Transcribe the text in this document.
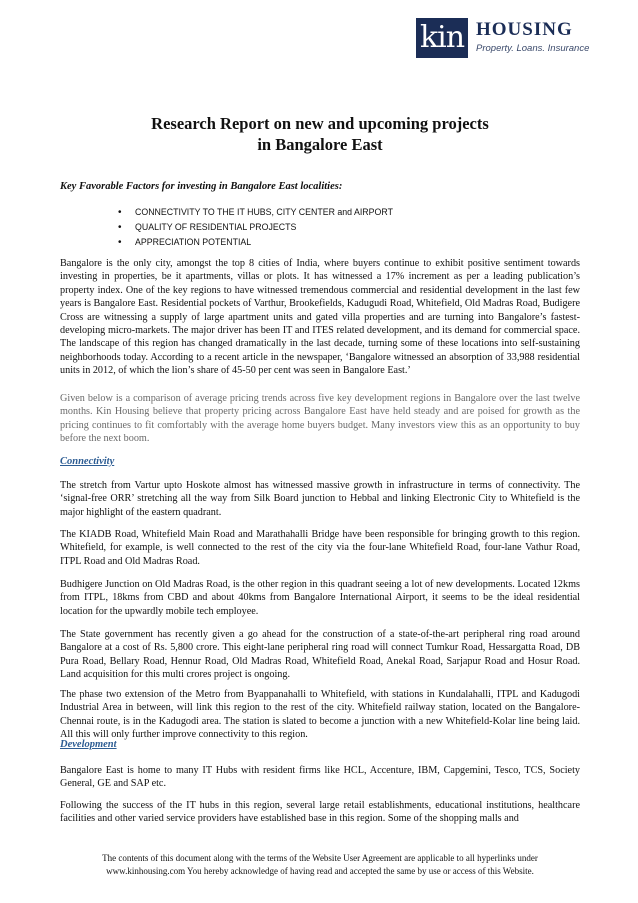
kin HOUSING
Property. Loans. Insurance
Research Report on new and upcoming projects
in Bangalore East
Key Favorable Factors for investing in Bangalore East localities:
• CONNECTIVITY TO THE IT HUBS, CITY CENTER and AIRPORT
• QUALITY OF RESIDENTIAL PROJECTS
• APPRECIATION POTENTIAL
Bangalore is the only city, amongst the top 8 cities of India, where buyers continue to exhibit positive sentiment towards investing in properties, be it apartments, villas or plots. It has witnessed a 17% increment as per a leading publication’s property index. One of the key regions to have witnessed tremendous commercial and residential development in the last few years is Bangalore East. Residential pockets of Varthur, Brookefields, Kadugudi Road, Whitefield, Old Madras Road, Budigere Cross are witnessing a supply of large apartment units and gated villa properties and are turning into Bangalore’s fastest-developing micro-markets. The major driver has been IT and ITES related development, and its demand for commercial space. The landscape of this region has changed dramatically in the last decade, turning some of these locations into self-sustaining neighborhoods today. According to a recent article in the newspaper, ‘Bangalore witnessed an absorption of 33,988 residential units in 2012, of which the lion’s share of 45-50 per cent was seen in Bangalore East.’
Given below is a comparison of average pricing trends across five key development regions in Bangalore over the last twelve months. Kin Housing believe that property pricing across Bangalore East have held steady and are poised for growth as the pricing continues to fit comfortably with the average home buyers budget. Many investors view this as an opportunity to buy before the next boom.
Connectivity
The stretch from Vartur upto Hoskote almost has witnessed massive growth in infrastructure in terms of connectivity. The ‘signal-free ORR’ stretching all the way from Silk Board junction to Hebbal and linking Electronic City to Whitefield is the major highlight of the eastern quadrant.
The KIADB Road, Whitefield Main Road and Marathahalli Bridge have been responsible for bringing growth to this region. Whitefield, for example, is well connected to the rest of the city via the four-lane Whitefield Road, four-lane Vathur Road, ITPL Road and Old Madras Road.
Budhigere Junction on Old Madras Road, is the other region in this quadrant seeing a lot of new developments. Located 12kms from ITPL, 18kms from CBD and about 40kms from Bangalore International Airport, it seems to be the ideal residential location for the upwardly mobile tech employee.
The State government has recently given a go ahead for the construction of a state-of-the-art peripheral ring road around Bangalore at a cost of Rs. 5,800 crore. This eight-lane peripheral ring road will connect Tumkur Road, Hessargatta Road, DB Pura Road, Bellary Road, Hennur Road, Old Madras Road, Whitefield Road, Anekal Road, Sarjapur Road and Hosur Road. Land acquisition for this multi crores project is ongoing.
The phase two extension of the Metro from Byappanahalli to Whitefield, with stations in Kundalahalli, ITPL and Kadugodi Industrial Area in between, will link this region to the rest of the city. Whitefield railway station, located on the Bangalore-Chennai route, is in the Kadugodi area. The station is slated to become a junction with a new Whitefield-Kolar line being laid. All this will only further improve connectivity to this region.
Development
Bangalore East is home to many IT Hubs with resident firms like HCL, Accenture, IBM, Capgemini, Tesco, TCS, Society General, GE and SAP etc.
Following the success of the IT hubs in this region, several large retail establishments, educational institutions, healthcare facilities and other varied service providers have established base in this region. Some of the shopping malls and
The contents of this document along with the terms of the Website User Agreement are applicable to all hyperlinks under
www.kinhousing.com You hereby acknowledge of having read and accepted the same by use or access of this Website.
